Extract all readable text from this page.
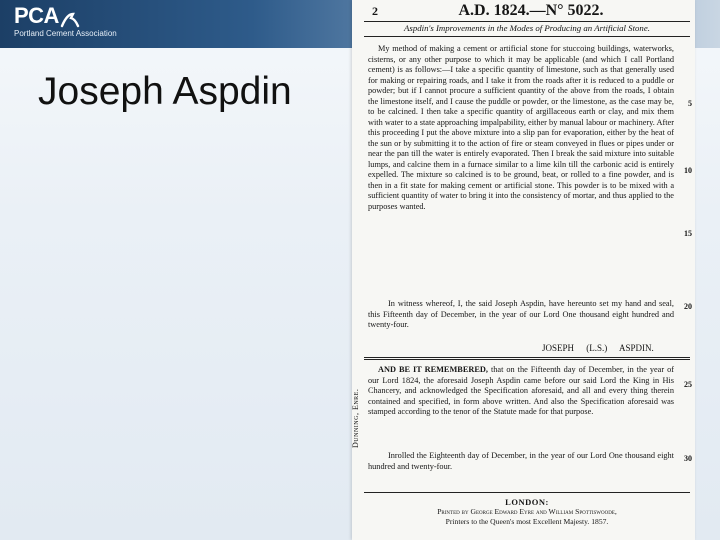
PCA
Portland Cement Association
Joseph Aspdin
2	A.D. 1824.—N° 5022.
Aspdin's Improvements in the Modes of Producing an Artificial Stone.

My method of making a cement or artificial stone for stuccoing buildings, waterworks, cisterns, or any other purpose to which it may be applicable (and which I call Portland cement) is as follows:—I take a specific quantity of limestone, such as that generally used for making or repairing roads, and I take it from the roads after it is reduced to a puddle or powder; but if I cannot procure a sufficient quantity of the above from the roads, I obtain the limestone itself, and I cause the puddle or powder, or the limestone, as the case may be, to be calcined. I then take a specific quantity of argillaceous earth or clay, and mix them with water to a state approaching impalpability, either by manual labour or machinery. After this proceeding I put the above mixture into a slip pan for evaporation, either by the heat of the sun or by submitting it to the action of fire or steam conveyed in flues or pipes under or near the pan till the water is entirely evaporated. Then I break the said mixture into suitable lumps, and calcine them in a furnace similar to a lime kiln till the carbonic acid is entirely expelled. The mixture so calcined is to be ground, beat, or rolled to a fine powder, and is then in a fit state for making cement or artificial stone. This powder is to be mixed with a sufficient quantity of water to bring it into the consistency of mortar, and thus applied to the purposes wanted.

In witness whereof, I, the said Joseph Aspdin, have hereunto set my hand and seal, this Fifteenth day of December, in the year of our Lord One thousand eight hundred and twenty-four.

JOSEPH (L.S.) ASPDIN.

AND BE IT REMEMBERED, that on the Fifteenth day of December, in the year of our Lord 1824, the aforesaid Joseph Aspdin came before our said Lord the King in His Chancery, and acknowledged the Specification aforesaid, and all and every thing therein contained and specified, in form above written. And also the Specification aforesaid was stamped according to the tenor of the Statute made for that purpose.

Inrolled the Eighteenth day of December, in the year of our Lord One thousand eight hundred and twenty-four.

Dunning, Enre.
5
10
15
20
25
30
LONDON:
Printed by George Edward Eyre and William Spottiswoode,
Printers to the Queen's most Excellent Majesty. 1857.
